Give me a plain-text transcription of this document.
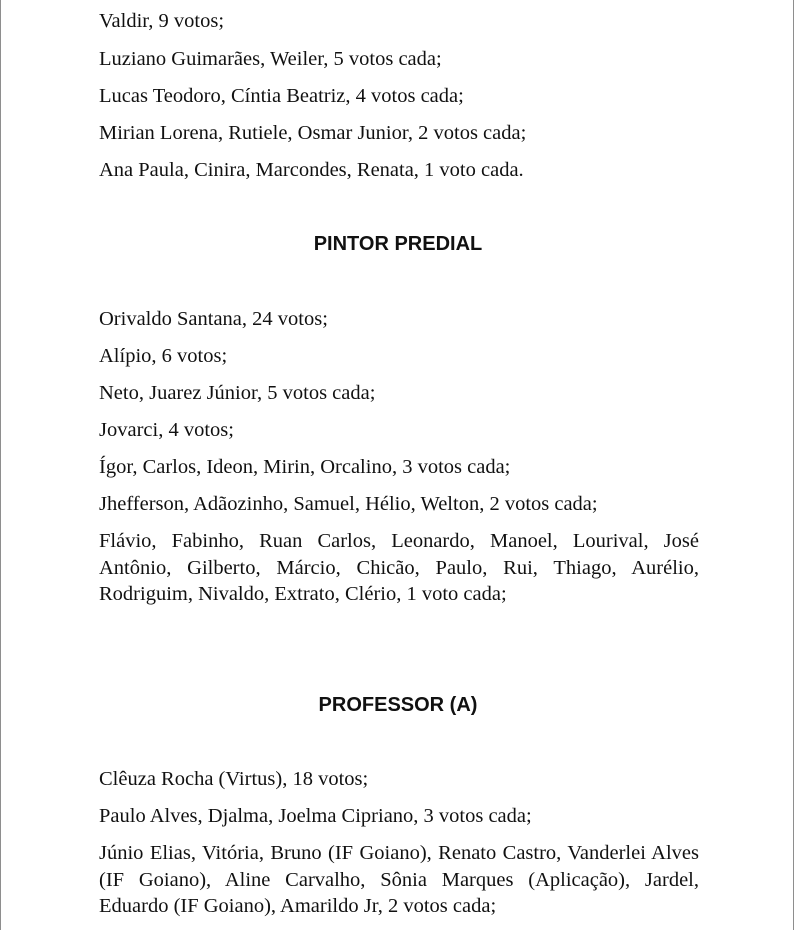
Valdir, 9 votos;
Luziano Guimarães, Weiler, 5 votos cada;
Lucas Teodoro, Cíntia Beatriz, 4 votos cada;
Mirian Lorena, Rutiele, Osmar Junior, 2 votos cada;
Ana Paula, Cinira, Marcondes, Renata, 1 voto cada.
PINTOR PREDIAL
Orivaldo Santana, 24 votos;
Alípio, 6 votos;
Neto, Juarez Júnior, 5 votos cada;
Jovarci, 4 votos;
Ígor, Carlos, Ideon, Mirin, Orcalino, 3 votos cada;
Jhefferson, Adãozinho, Samuel, Hélio, Welton, 2 votos cada;
Flávio, Fabinho, Ruan Carlos, Leonardo, Manoel, Lourival, José Antônio, Gilberto, Márcio, Chicão, Paulo, Rui, Thiago, Aurélio, Rodriguim, Nivaldo, Extrato, Clério, 1 voto cada;
PROFESSOR (A)
Clêuza Rocha (Virtus), 18 votos;
Paulo Alves, Djalma, Joelma Cipriano, 3 votos cada;
Júnio Elias, Vitória, Bruno (IF Goiano), Renato Castro, Vanderlei Alves (IF Goiano), Aline Carvalho, Sônia Marques (Aplicação), Jardel, Eduardo (IF Goiano), Amarildo Jr, 2 votos cada;
